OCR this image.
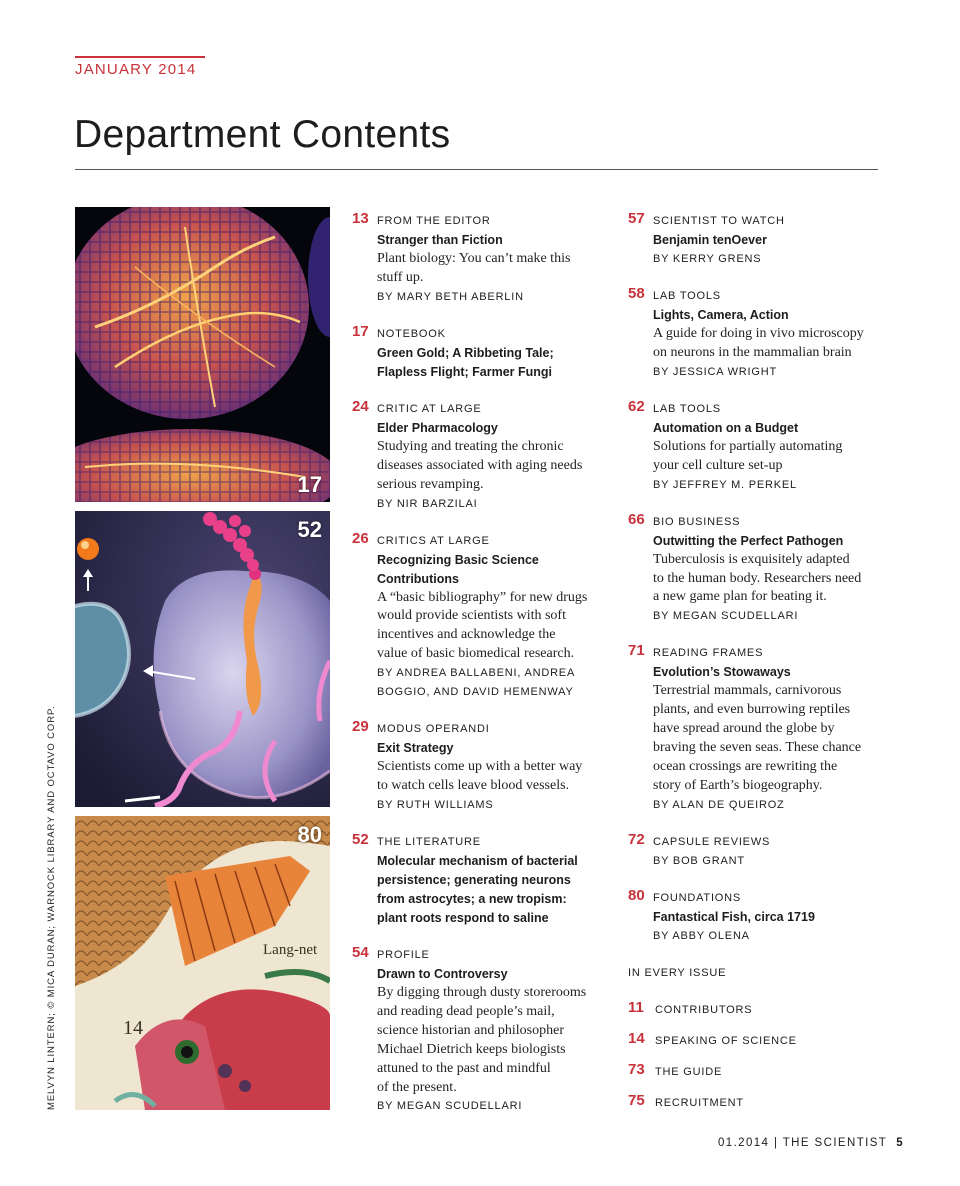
JANUARY 2014
Department Contents
MELVYN LINTERN; © MICA DURAN; WARNOCK LIBRARY AND OCTAVO CORP.
17
52
Lang-net
14
80
13 FROM THE EDITOR
Stranger than Fiction
Plant biology: You can’t make this
stuff up.
BY MARY BETH ABERLIN
17 NOTEBOOK
Green Gold; A Ribbeting Tale;
Flapless Flight; Farmer Fungi
24 CRITIC AT LARGE
Elder Pharmacology
Studying and treating the chronic
diseases associated with aging needs
serious revamping.
BY NIR BARZILAI
26 CRITICS AT LARGE
Recognizing Basic Science
Contributions
A “basic bibliography” for new drugs
would provide scientists with soft
incentives and acknowledge the
value of basic biomedical research.
BY ANDREA BALLABENI, ANDREA
BOGGIO, AND DAVID HEMENWAY
29 MODUS OPERANDI
Exit Strategy
Scientists come up with a better way
to watch cells leave blood vessels.
BY RUTH WILLIAMS
52 THE LITERATURE
Molecular mechanism of bacterial
persistence; generating neurons
from astrocytes; a new tropism:
plant roots respond to saline
54 PROFILE
Drawn to Controversy
By digging through dusty storerooms
and reading dead people’s mail,
science historian and philosopher
Michael Dietrich keeps biologists
attuned to the past and mindful
of the present.
BY MEGAN SCUDELLARI
57 SCIENTIST TO WATCH
Benjamin tenOever
BY KERRY GRENS
58 LAB TOOLS
Lights, Camera, Action
A guide for doing in vivo microscopy
on neurons in the mammalian brain
BY JESSICA WRIGHT
62 LAB TOOLS
Automation on a Budget
Solutions for partially automating
your cell culture set-up
BY JEFFREY M. PERKEL
66 BIO BUSINESS
Outwitting the Perfect Pathogen
Tuberculosis is exquisitely adapted
to the human body. Researchers need
a new game plan for beating it.
BY MEGAN SCUDELLARI
71 READING FRAMES
Evolution’s Stowaways
Terrestrial mammals, carnivorous
plants, and even burrowing reptiles
have spread around the globe by
braving the seven seas. These chance
ocean crossings are rewriting the
story of Earth’s biogeography.
BY ALAN DE QUEIROZ
72 CAPSULE REVIEWS
BY BOB GRANT
80 FOUNDATIONS
Fantastical Fish, circa 1719
BY ABBY OLENA
IN EVERY ISSUE
11 CONTRIBUTORS
14 SPEAKING OF SCIENCE
73 THE GUIDE
75 RECRUITMENT
01.2014 | THE SCIENTIST 5
